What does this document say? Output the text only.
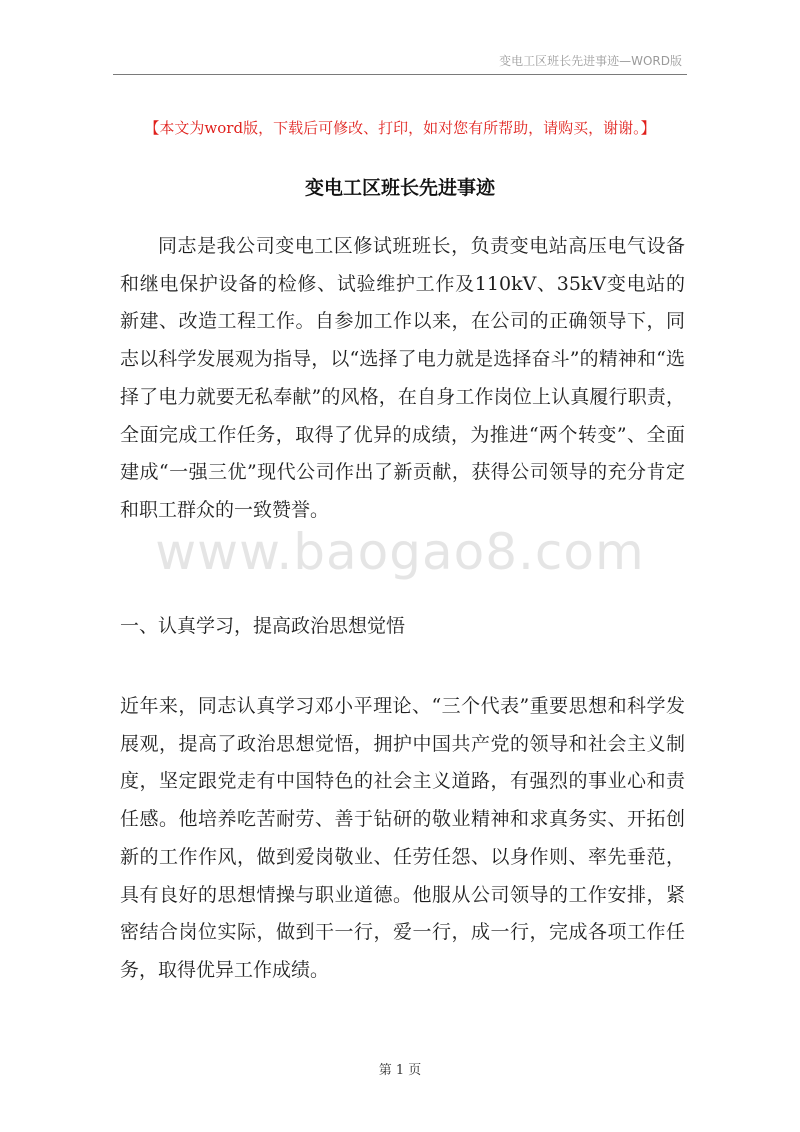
变电工区班长先进事迹—WORD版
【本文为word版，下载后可修改、打印，如对您有所帮助，请购买，谢谢。】
变电工区班长先进事迹

同志是我公司变电工区修试班班长，负责变电站高压电气设备和继电保护设备的检修、试验维护工作及110kV、35kV变电站的新建、改造工程工作。自参加工作以来，在公司的正确领导下，同志以科学发展观为指导，以“选择了电力就是选择奋斗”的精神和“选择了电力就要无私奉献”的风格，在自身工作岗位上认真履行职责，全面完成工作任务，取得了优异的成绩，为推进“两个转变”、全面建成“一强三优”现代公司作出了新贡献，获得公司领导的充分肯定和职工群众的一致赞誉。

www.baogao8.com

一、认真学习，提高政治思想觉悟

近年来，同志认真学习邓小平理论、“三个代表”重要思想和科学发展观，提高了政治思想觉悟，拥护中国共产党的领导和社会主义制度，坚定跟党走有中国特色的社会主义道路，有强烈的事业心和责任感。他培养吃苦耐劳、善于钻研的敬业精神和求真务实、开拓创新的工作作风，做到爱岗敬业、任劳任怨、以身作则、率先垂范，具有良好的思想情操与职业道德。他服从公司领导的工作安排，紧密结合岗位实际，做到干一行，爱一行，成一行，完成各项工作任务，取得优异工作成绩。

第 1 页
